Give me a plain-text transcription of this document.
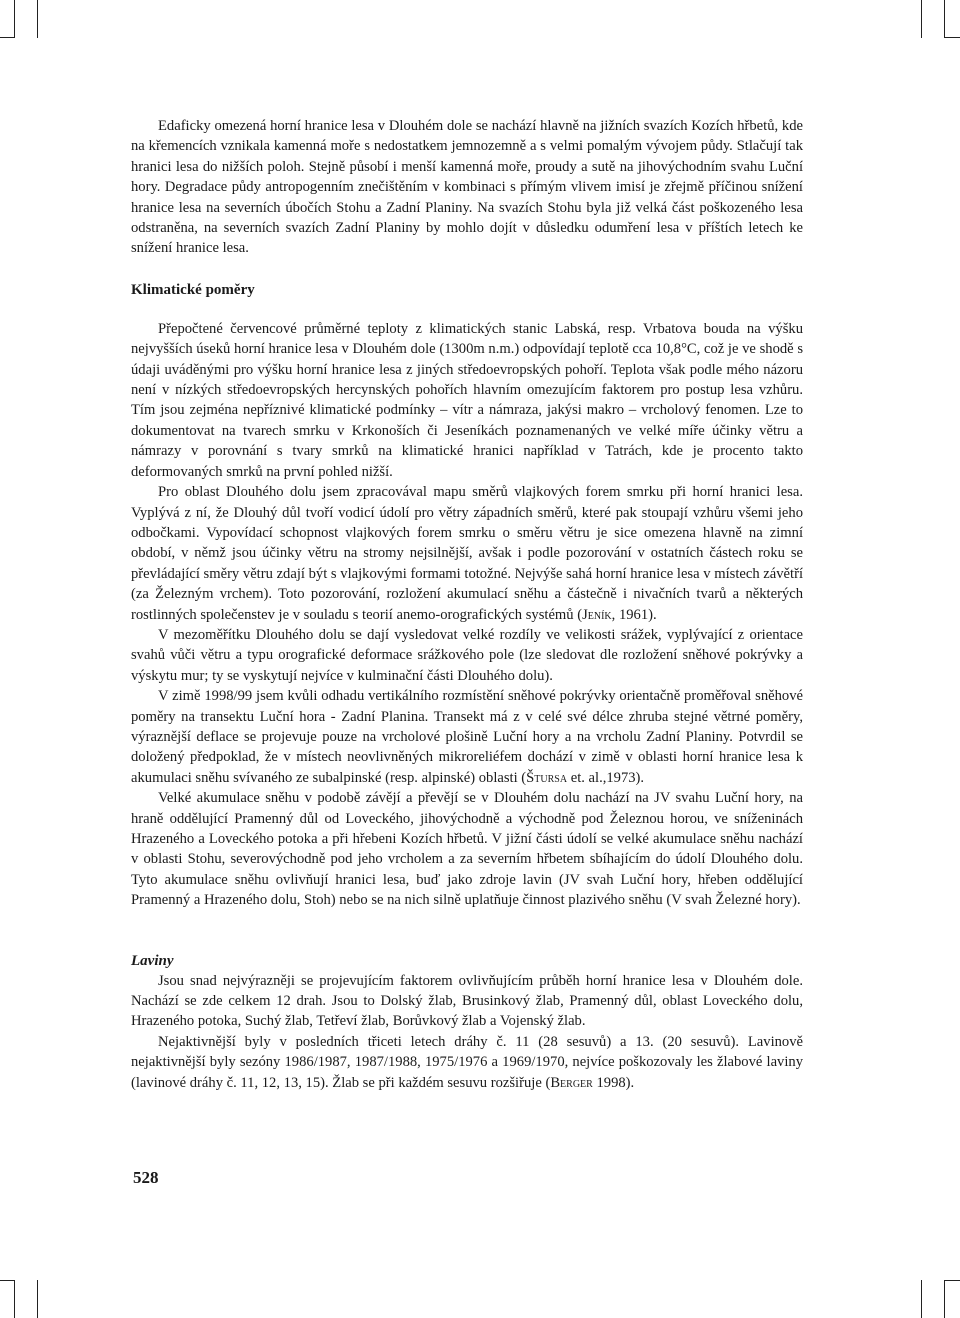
Edaficky omezená horní hranice lesa v Dlouhém dole se nachází hlavně na jižních svazích Kozích hřbetů, kde na křemencích vznikala kamenná moře s nedostatkem jemnozemně a s velmi pomalým vývojem půdy. Stlačují tak hranici lesa do nižších poloh. Stejně působí i menší kamenná moře, proudy a sutě na jihovýchodním svahu Luční hory. Degradace půdy antropogenním znečištěním v kombinaci s přímým vlivem imisí je zřejmě příčinou snížení hranice lesa na severních úbočích Stohu a Zadní Planiny. Na svazích Stohu byla již velká část poškozeného lesa odstraněna, na severních svazích Zadní Planiny by mohlo dojít v důsledku odumření lesa v příštích letech ke snížení hranice lesa.

Klimatické poměry

Přepočtené červencové průměrné teploty z klimatických stanic Labská, resp. Vrbatova bouda na výšku nejvyšších úseků horní hranice lesa v Dlouhém dole (1300m n.m.) odpovídají teplotě cca 10,8°C, což je ve shodě s údaji uváděnými pro výšku horní hranice lesa z jiných středoevropských pohoří. Teplota však podle mého názoru není v nízkých středoevropských hercynských pohořích hlavním omezujícím faktorem pro postup lesa vzhůru. Tím jsou zejména nepříznivé klimatické podmínky – vítr a námraza, jakýsi makro – vrcholový fenomen. Lze to dokumentovat na tvarech smrku v Krkonoších či Jeseníkách poznamenaných ve velké míře účinky větru a námrazy v porovnání s tvary smrků na klimatické hranici například v Tatrách, kde je procento takto deformovaných smrků na první pohled nižší.

Pro oblast Dlouhého dolu jsem zpracovával mapu směrů vlajkových forem smrku při horní hranici lesa. Vyplývá z ní, že Dlouhý důl tvoří vodicí údolí pro větry západních směrů, které pak stoupají vzhůru všemi jeho odbočkami. Vypovídací schopnost vlajkových forem smrku o směru větru je sice omezena hlavně na zimní období, v němž jsou účinky větru na stromy nejsilnější, avšak i podle pozorování v ostatních částech roku se převládající směry větru zdají být s vlajkovými formami totožné. Nejvýše sahá horní hranice lesa v místech závětří (za Železným vrchem). Toto pozorování, rozložení akumulací sněhu a částečně i nivačních tvarů a některých rostlinných společenstev je v souladu s teorií anemo-orografických systémů (Jeník, 1961).

V mezoměřítku Dlouhého dolu se dají vysledovat velké rozdíly ve velikosti srážek, vyplývající z orientace svahů vůči větru a typu orografické deformace srážkového pole (lze sledovat dle rozložení sněhové pokrývky a výskytu mur; ty se vyskytují nejvíce v kulminační části Dlouhého dolu).

V zimě 1998/99 jsem kvůli odhadu vertikálního rozmístění sněhové pokrývky orientačně proměřoval sněhové poměry na transektu Luční hora - Zadní Planina. Transekt má z v celé své délce zhruba stejné větrné poměry, výraznější deflace se projevuje pouze na vrcholové plošině Luční hory a na vrcholu Zadní Planiny. Potvrdil se doložený předpoklad, že v místech neovlivněných mikroreliéfem dochází v zimě v oblasti horní hranice lesa k akumulaci sněhu svívaného ze subalpinské (resp. alpinské) oblasti (Štursa et. al.,1973).

Velké akumulace sněhu v podobě závějí a převějí se v Dlouhém dolu nachází na JV svahu Luční hory, na hraně oddělující Pramenný důl od Loveckého, jihovýchodně a východně pod Železnou horou, ve sníženinách Hrazeného a Loveckého potoka a při hřebeni Kozích hřbetů. V jižní části údolí se velké akumulace sněhu nachází v oblasti Stohu, severovýchodně pod jeho vrcholem a za severním hřbetem sbíhajícím do údolí Dlouhého dolu. Tyto akumulace sněhu ovlivňují hranici lesa, buď jako zdroje lavin (JV svah Luční hory, hřeben oddělující Pramenný a Hrazeného dolu, Stoh) nebo se na nich silně uplatňuje činnost plazivého sněhu (V svah Železné hory).

Laviny

Jsou snad nejvýrazněji se projevujícím faktorem ovlivňujícím průběh horní hranice lesa v Dlouhém dole. Nachází se zde celkem 12 drah. Jsou to Dolský žlab, Brusinkový žlab, Pramenný důl, oblast Loveckého dolu, Hrazeného potoka, Suchý žlab, Tetřeví žlab, Borůvkový žlab a Vojenský žlab.

Nejaktivnější byly v posledních třiceti letech dráhy č. 11 (28 sesuvů) a 13. (20 sesuvů). Lavinově nejaktivnější byly sezóny 1986/1987, 1987/1988, 1975/1976 a 1969/1970, nejvíce poškozovaly les žlabové laviny (lavinové dráhy č. 11, 12, 13, 15). Žlab se při každém sesuvu rozšiřuje (Berger 1998).

528
